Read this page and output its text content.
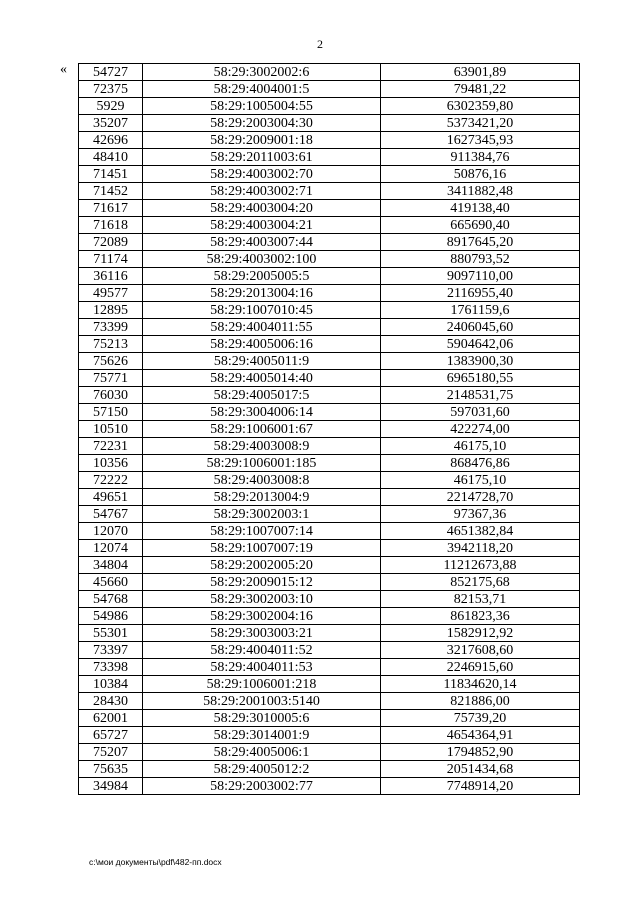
2
« 54727	58:29:3002002:6	63901,89
72375	58:29:4004001:5	79481,22
5929	58:29:1005004:55	6302359,80
35207	58:29:2003004:30	5373421,20
42696	58:29:2009001:18	1627345,93
48410	58:29:2011003:61	911384,76
71451	58:29:4003002:70	50876,16
71452	58:29:4003002:71	3411882,48
71617	58:29:4003004:20	419138,40
71618	58:29:4003004:21	665690,40
72089	58:29:4003007:44	8917645,20
71174	58:29:4003002:100	880793,52
36116	58:29:2005005:5	9097110,00
49577	58:29:2013004:16	2116955,40
12895	58:29:1007010:45	1761159,6
73399	58:29:4004011:55	2406045,60
75213	58:29:4005006:16	5904642,06
75626	58:29:4005011:9	1383900,30
75771	58:29:4005014:40	6965180,55
76030	58:29:4005017:5	2148531,75
57150	58:29:3004006:14	597031,60
10510	58:29:1006001:67	422274,00
72231	58:29:4003008:9	46175,10
10356	58:29:1006001:185	868476,86
72222	58:29:4003008:8	46175,10
49651	58:29:2013004:9	2214728,70
54767	58:29:3002003:1	97367,36
12070	58:29:1007007:14	4651382,84
12074	58:29:1007007:19	3942118,20
34804	58:29:2002005:20	11212673,88
45660	58:29:2009015:12	852175,68
54768	58:29:3002003:10	82153,71
54986	58:29:3002004:16	861823,36
55301	58:29:3003003:21	1582912,92
73397	58:29:4004011:52	3217608,60
73398	58:29:4004011:53	2246915,60
10384	58:29:1006001:218	11834620,14
28430	58:29:2001003:5140	821886,00
62001	58:29:3010005:6	75739,20
65727	58:29:3014001:9	4654364,91
75207	58:29:4005006:1	1794852,90
75635	58:29:4005012:2	2051434,68
34984	58:29:2003002:77	7748914,20
c:\мои документы\pdf\482-пп.docx
